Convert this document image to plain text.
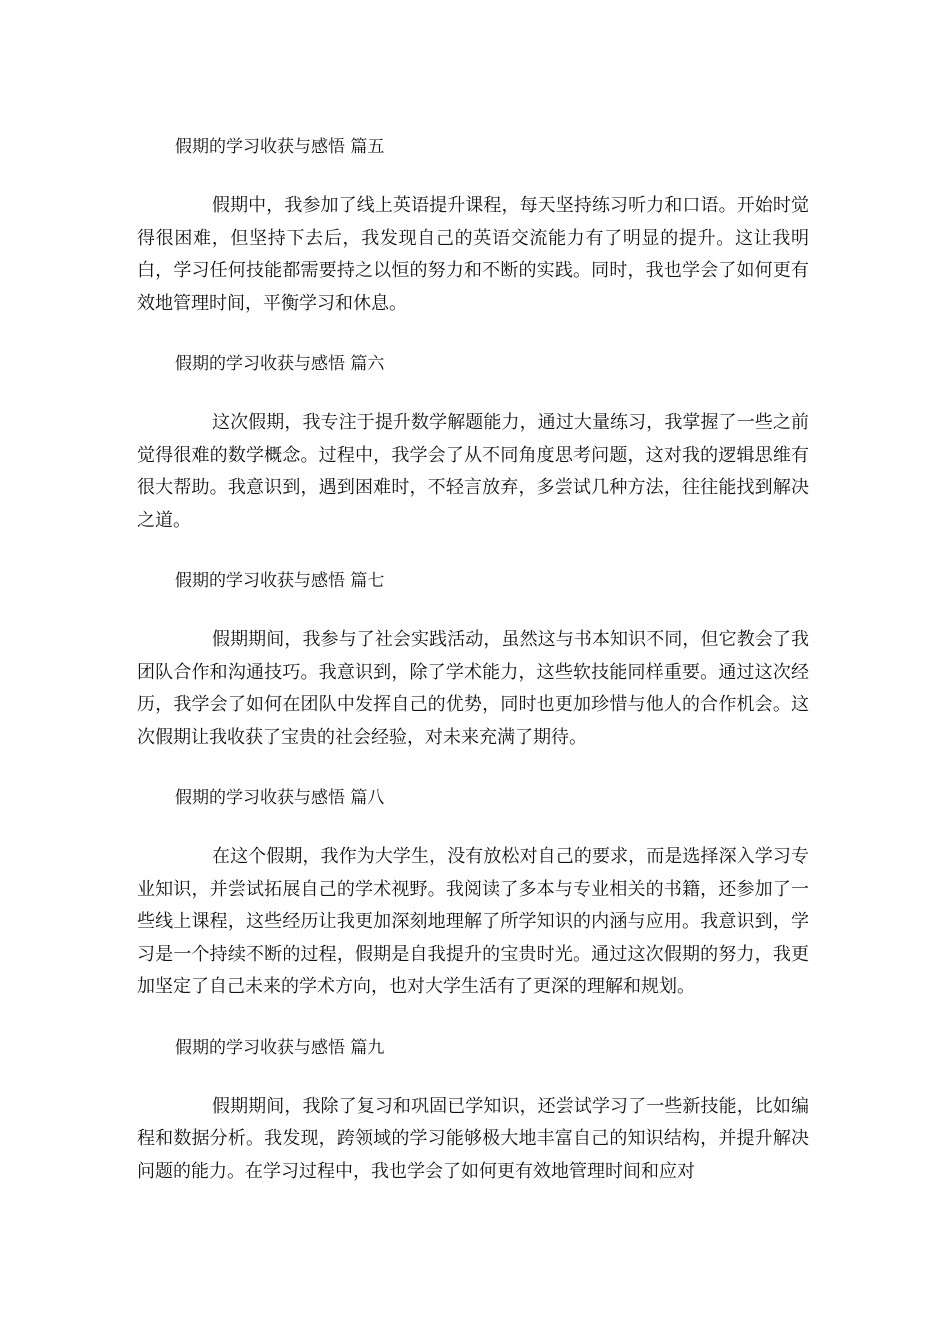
假期的学习收获与感悟 篇五

假期中，我参加了线上英语提升课程，每天坚持练习听力和口语。开始时觉得很困难，但坚持下去后，我发现自己的英语交流能力有了明显的提升。这让我明白，学习任何技能都需要持之以恒的努力和不断的实践。同时，我也学会了如何更有效地管理时间，平衡学习和休息。

假期的学习收获与感悟 篇六

这次假期，我专注于提升数学解题能力，通过大量练习，我掌握了一些之前觉得很难的数学概念。过程中，我学会了从不同角度思考问题，这对我的逻辑思维有很大帮助。我意识到，遇到困难时，不轻言放弃，多尝试几种方法，往往能找到解决之道。

假期的学习收获与感悟 篇七

假期期间，我参与了社会实践活动，虽然这与书本知识不同，但它教会了我团队合作和沟通技巧。我意识到，除了学术能力，这些软技能同样重要。通过这次经历，我学会了如何在团队中发挥自己的优势，同时也更加珍惜与他人的合作机会。这次假期让我收获了宝贵的社会经验，对未来充满了期待。

假期的学习收获与感悟 篇八

在这个假期，我作为大学生，没有放松对自己的要求，而是选择深入学习专业知识，并尝试拓展自己的学术视野。我阅读了多本与专业相关的书籍，还参加了一些线上课程，这些经历让我更加深刻地理解了所学知识的内涵与应用。我意识到，学习是一个持续不断的过程，假期是自我提升的宝贵时光。通过这次假期的努力，我更加坚定了自己未来的学术方向，也对大学生活有了更深的理解和规划。

假期的学习收获与感悟 篇九

假期期间，我除了复习和巩固已学知识，还尝试学习了一些新技能，比如编程和数据分析。我发现，跨领域的学习能够极大地丰富自己的知识结构，并提升解决问题的能力。在学习过程中，我也学会了如何更有效地管理时间和应对
